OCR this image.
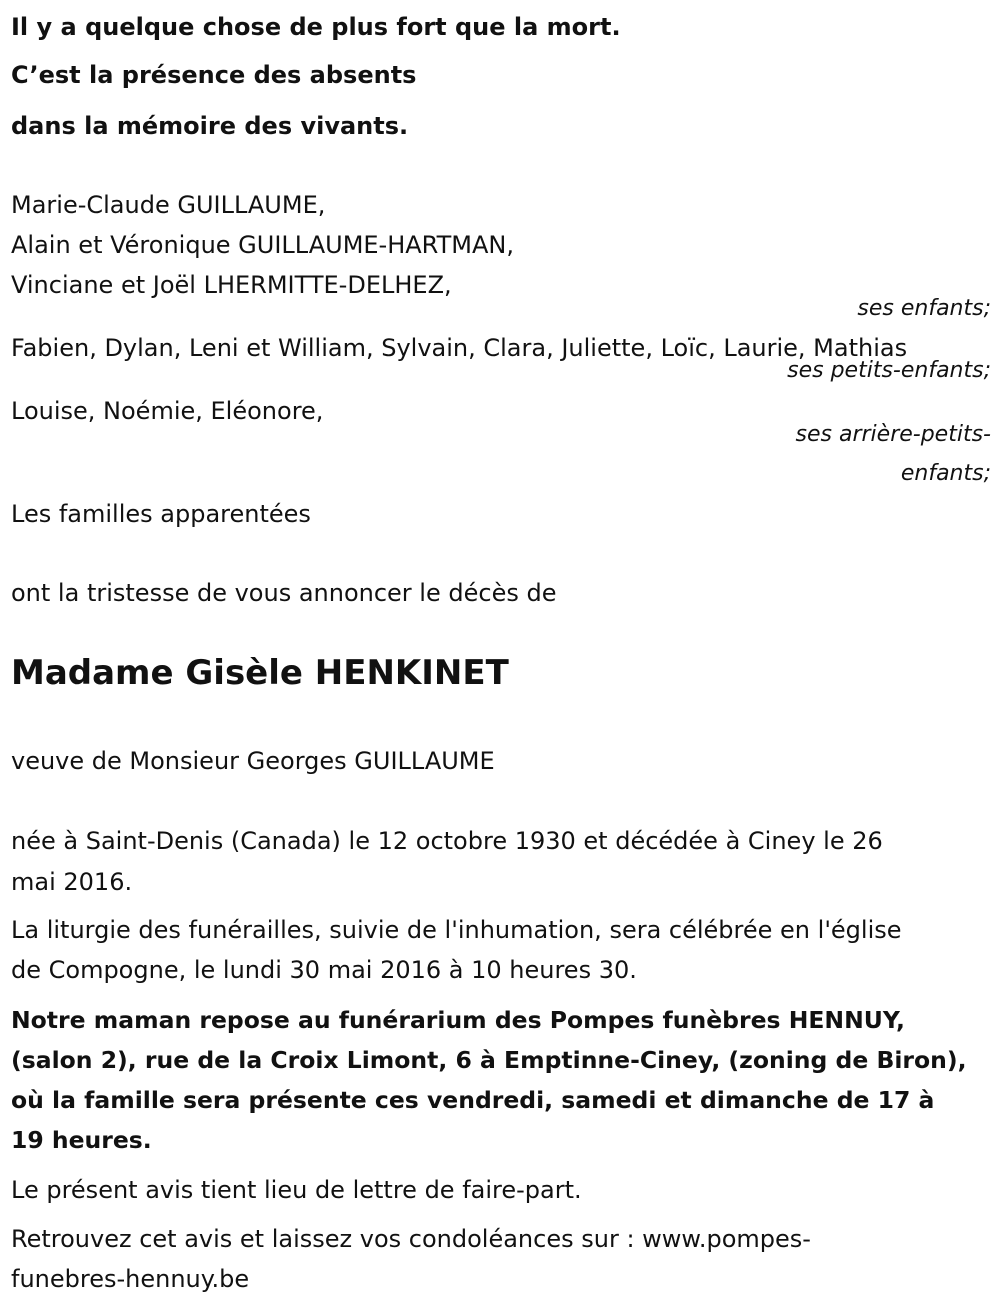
Il y a quelque chose de plus fort que la mort.
C’est la présence des absents
dans la mémoire des vivants.
Marie-Claude GUILLAUME,
Alain et Véronique GUILLAUME-HARTMAN,
Vinciane et Joël LHERMITTE-DELHEZ,
ses enfants;
Fabien, Dylan, Leni et William, Sylvain, Clara, Juliette, Loïc, Laurie, Mathias
ses petits-enfants;
Louise, Noémie, Eléonore,
ses arrière-petits-
enfants;
Les familles apparentées
ont la tristesse de vous annoncer le décès de
Madame Gisèle HENKINET
veuve de Monsieur Georges GUILLAUME
née à Saint-Denis (Canada) le 12 octobre 1930 et décédée à Ciney le 26
mai 2016.
La liturgie des funérailles, suivie de l'inhumation, sera célébrée en l'église
de Compogne, le lundi 30 mai 2016 à 10 heures 30.
Notre maman repose au funérarium des Pompes funèbres HENNUY,
(salon 2), rue de la Croix Limont, 6 à Emptinne-Ciney, (zoning de Biron),
où la famille sera présente ces vendredi, samedi et dimanche de 17 à
19 heures.
Le présent avis tient lieu de lettre de faire-part.
Retrouvez cet avis et laissez vos condoléances sur : www.pompes-
funebres-hennuy.be
